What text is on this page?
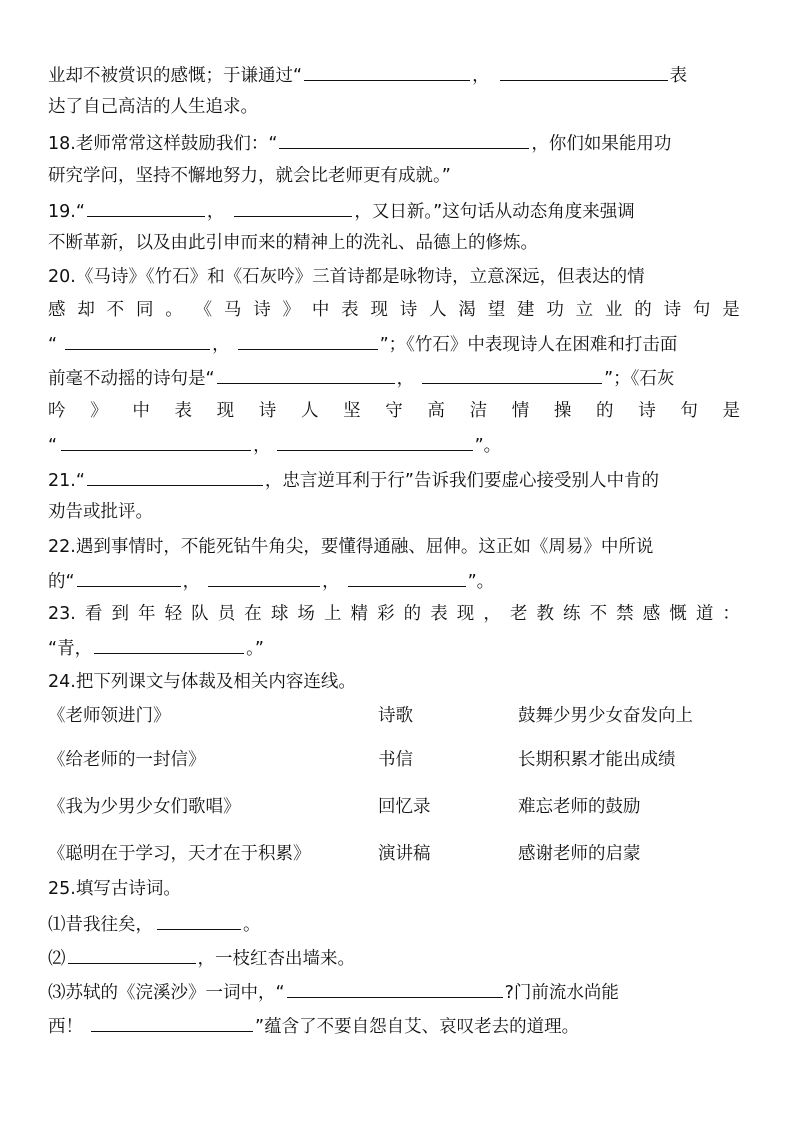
业却不被赏识的感慨；于谦通过“	，	表
达了自己高洁的人生追求。
18.老师常常这样鼓励我们：“	，你们如果能用功
研究学问，坚持不懈地努力，就会比老师更有成就。”
19.“	，	，又日新。”这句话从动态角度来强调
不断革新，以及由此引申而来的精神上的洗礼、品德上的修炼。
20.《马诗》《竹石》和《石灰吟》三首诗都是咏物诗，立意深远，但表达的情
感 却 不 同 。 《 马 诗 》 中 表 现 诗 人 渴 望 建 功 立 业 的 诗 句 是
“	，	”；《竹石》中表现诗人在困难和打击面
前毫不动摇的诗句是“	，	”；《石灰
吟 》 中 表 现 诗 人 坚 守 高 洁 情 操 的 诗 句 是
“	，	”。
21.“	，忠言逆耳利于行”告诉我们要虚心接受别人中肯的
劝告或批评。
22.遇到事情时，不能死钻牛角尖，要懂得通融、屈伸。这正如《周易》中所说
的“	，	，	”。
23. 看 到 年 轻 队 员 在 球 场 上 精 彩 的 表 现 ， 老 教 练 不 禁 感 慨 道 ：
“青，	。”
24.把下列课文与体裁及相关内容连线。
《老师领进门》	诗歌	鼓舞少男少女奋发向上
《给老师的一封信》	书信	长期积累才能出成绩
《我为少男少女们歌唱》	回忆录	难忘老师的鼓励
《聪明在于学习，天才在于积累》	演讲稿	感谢老师的启蒙
25.填写古诗词。
⑴昔我往矣，	。
⑵	，一枝红杏出墙来。
⑶苏轼的《浣溪沙》一词中，“	?门前流水尚能
西！	”蕴含了不要自怨自艾、哀叹老去的道理。
